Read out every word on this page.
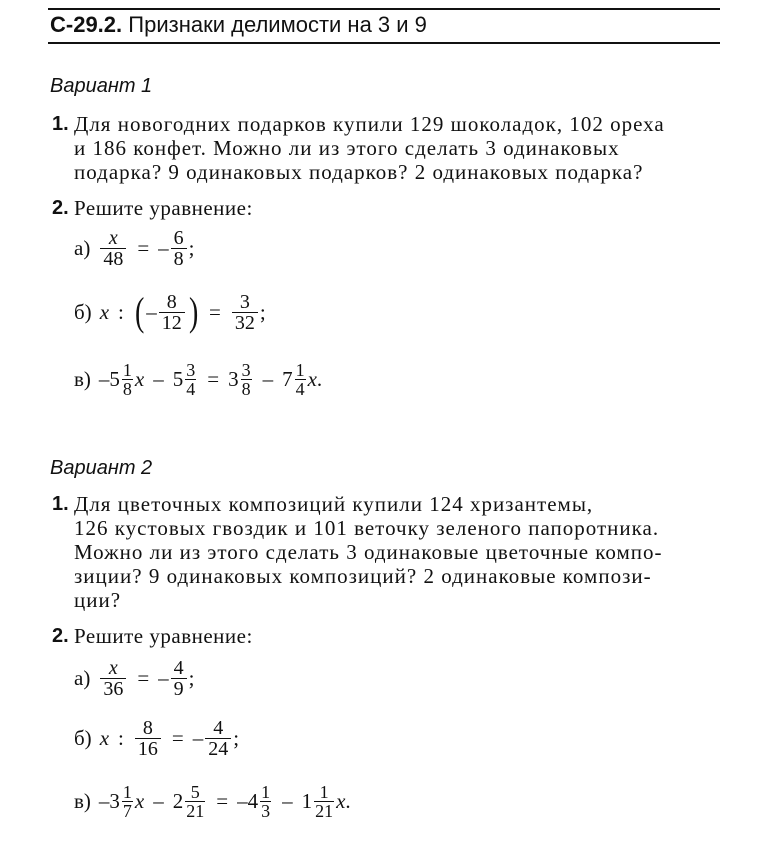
С-29.2. Признаки делимости на 3 и 9
Вариант 1
1. Для новогодних подарков купили 129 шоколадок, 102 ореха
и 186 конфет. Можно ли из этого сделать 3 одинаковых
подарка? 9 одинаковых подарков? 2 одинаковых подарка?
2. Решите уравнение:
$а) \frac{x}{48}$ = – $\frac{6}{8}$ ;
б) x : ( – $\frac{8}{12}$ ) = $\frac{3}{32}$ ;
в) $-5 \frac{1}{8}$ $x - 5 \frac{3}{4} = 3 \frac{3}{8} - 7 \frac{1}{4}$ x .
Вариант 2
1. Для цветочных композиций купили 124 хризантемы,
126 кустовых гвоздик и 101 веточку зеленого папоротника.
Можно ли из этого сделать 3 одинаковые цветочные компо-
зиции? 9 одинаковых композиций? 2 одинаковые компози-
ции?
2. Решите уравнение:
$а) \frac{x}{36}$ = – $\frac{4}{9}$ ;
б) x : $\frac{8}{16}$ = – $\frac{4}{24}$ ;
в) $-3 \frac{1}{7}$ $x - 2 \frac{5}{21} = -4 \frac{1}{3} - 1 \frac{1}{21}$ x .
